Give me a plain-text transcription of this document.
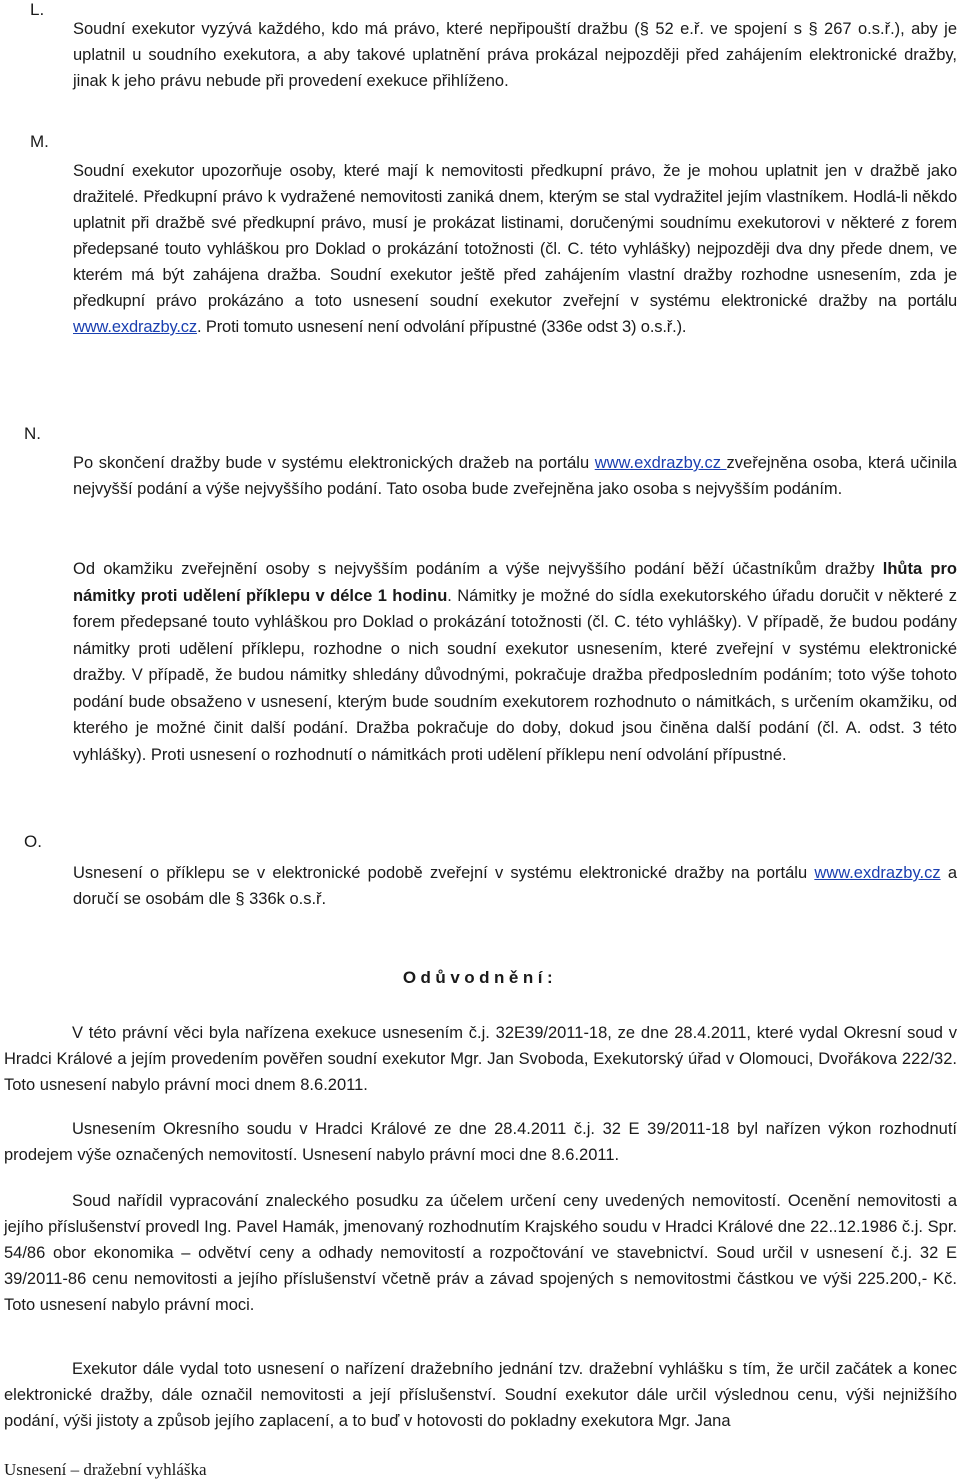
L.

Soudní exekutor vyzývá každého, kdo má právo, které nepřipouští dražbu (§ 52 e.ř. ve spojení s § 267 o.s.ř.), aby je uplatnil u soudního exekutora, a aby takové uplatnění práva prokázal nejpozději před zahájením elektronické dražby, jinak k jeho právu nebude při provedení exekuce přihlíženo.

M.

Soudní exekutor upozorňuje osoby, které mají k nemovitosti předkupní právo, že je mohou uplatnit jen v dražbě jako dražitelé. Předkupní právo k vydražené nemovitosti zaniká dnem, kterým se stal vydražitel jejím vlastníkem. Hodlá-li někdo uplatnit při dražbě své předkupní právo, musí je prokázat listinami, doručenými soudnímu exekutorovi v některé z forem předepsané touto vyhláškou pro Doklad o prokázání totožnosti (čl. C. této vyhlášky) nejpozději dva dny přede dnem, ve kterém má být zahájena dražba. Soudní exekutor ještě před zahájením vlastní dražby rozhodne usnesením, zda je předkupní právo prokázáno a toto usnesení soudní exekutor zveřejní v systému elektronické dražby na portálu www.exdrazby.cz. Proti tomuto usnesení není odvolání přípustné (336e odst 3) o.s.ř.).

N.

Po skončení dražby bude v systému elektronických dražeb na portálu www.exdrazby.cz zveřejněna osoba, která učinila nejvyšší podání a výše nejvyššího podání. Tato osoba bude zveřejněna jako osoba s nejvyšším podáním.

Od okamžiku zveřejnění osoby s nejvyšším podáním a výše nejvyššího podání běží účastníkům dražby lhůta pro námitky proti udělení příklepu v délce 1 hodinu. Námitky je možné do sídla exekutorského úřadu doručit v některé z forem předepsané touto vyhláškou pro Doklad o prokázání totožnosti (čl. C. této vyhlášky). V případě, že budou podány námitky proti udělení příklepu, rozhodne o nich soudní exekutor usnesením, které zveřejní v systému elektronické dražby. V případě, že budou námitky shledány důvodnými, pokračuje dražba předposledním podáním; toto výše tohoto podání bude obsaženo v usnesení, kterým bude soudním exekutorem rozhodnuto o námitkách, s určením okamžiku, od kterého je možné činit další podání. Dražba pokračuje do doby, dokud jsou činěna další podání (čl. A. odst. 3 této vyhlášky). Proti usnesení o rozhodnutí o námitkách proti udělení příklepu není odvolání přípustné.

O.

Usnesení o příklepu se v elektronické podobě zveřejní v systému elektronické dražby na portálu www.exdrazby.cz a doručí se osobám dle § 336k o.s.ř.

Odůvodnění:

V této právní věci byla nařízena exekuce usnesením č.j. 32E39/2011-18, ze dne 28.4.2011, které vydal Okresní soud v Hradci Králové a jejím provedením pověřen soudní exekutor Mgr. Jan Svoboda, Exekutorský úřad v Olomouci, Dvořákova 222/32. Toto usnesení nabylo právní moci dnem 8.6.2011.

Usnesením Okresního soudu v Hradci Králové ze dne 28.4.2011 č.j. 32 E 39/2011-18 byl nařízen výkon rozhodnutí prodejem výše označených nemovitostí. Usnesení nabylo právní moci dne 8.6.2011.

Soud nařídil vypracování znaleckého posudku za účelem určení ceny uvedených nemovitostí. Ocenění nemovitosti a jejího příslušenství provedl Ing. Pavel Hamák, jmenovaný rozhodnutím Krajského soudu v Hradci Králové dne 22..12.1986 č.j. Spr. 54/86 obor ekonomika – odvětví ceny a odhady nemovitostí a rozpočtování ve stavebnictví. Soud určil v usnesení č.j. 32 E 39/2011-86 cenu nemovitosti a jejího příslušenství včetně práv a závad spojených s nemovitostmi částkou ve výši 225.200,- Kč. Toto usnesení nabylo právní moci.

Exekutor dále vydal toto usnesení o nařízení dražebního jednání tzv. dražební vyhlášku s tím, že určil začátek a konec elektronické dražby, dále označil nemovitosti a její příslušenství. Soudní exekutor dále určil výslednou cenu, výši nejnižšího podání, výši jistoty a způsob jejího zaplacení, a to buď v hotovosti do pokladny exekutora Mgr. Jana

Usnesení – dražební vyhláška
